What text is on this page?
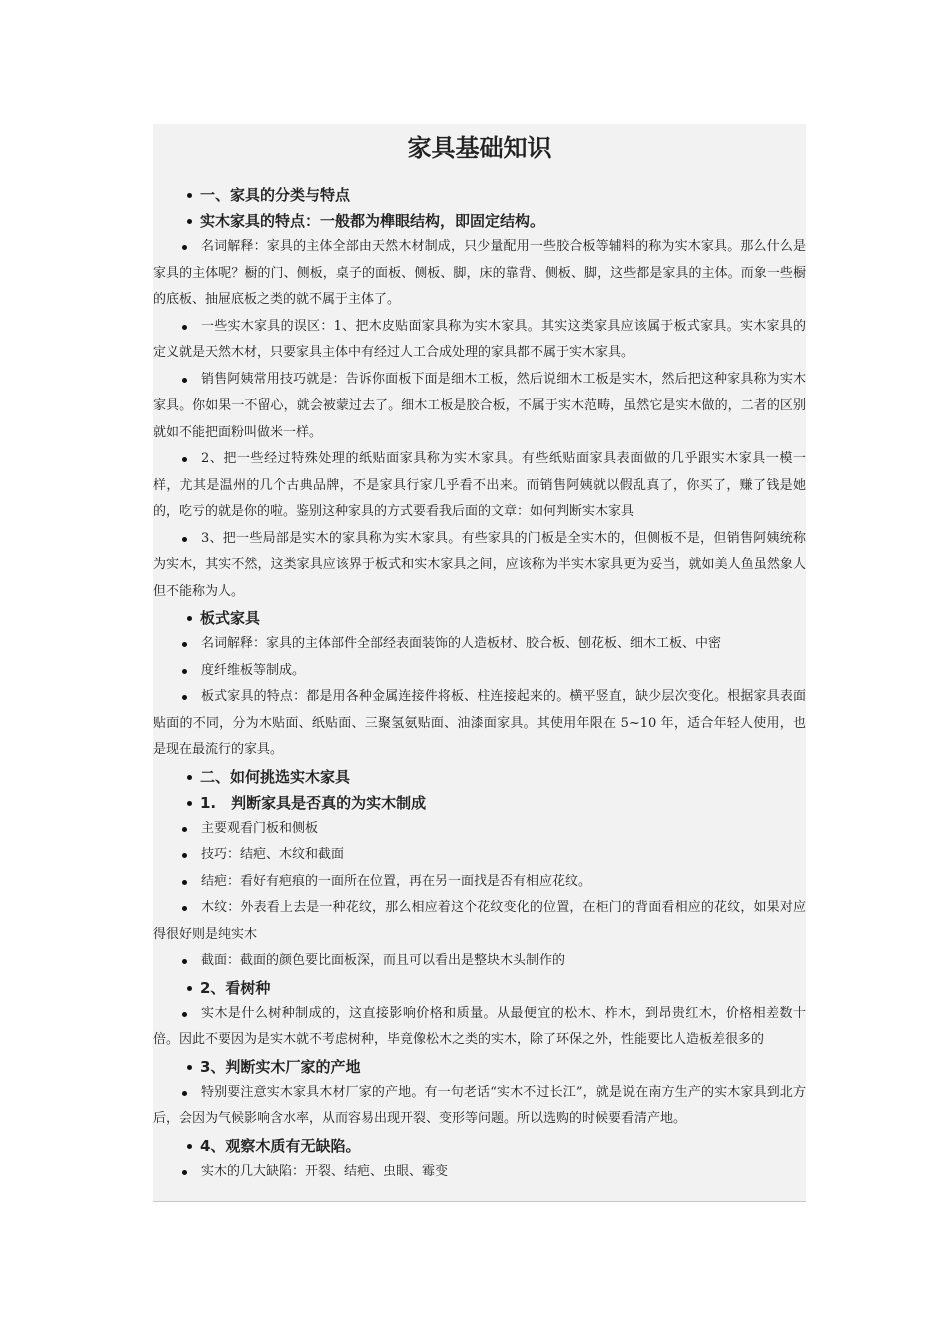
家具基础知识
一、家具的分类与特点
实木家具的特点：一般都为榫眼结构，即固定结构。
名词解释：家具的主体全部由天然木材制成，只少量配用一些胶合板等辅料的称为实木家具。那么什么是家具的主体呢？橱的门、侧板，桌子的面板、侧板、脚，床的靠背、侧板、脚，这些都是家具的主体。而象一些橱的底板、抽屉底板之类的就不属于主体了。
一些实木家具的误区：1、把木皮贴面家具称为实木家具。其实这类家具应该属于板式家具。实木家具的定义就是天然木材，只要家具主体中有经过人工合成处理的家具都不属于实木家具。
销售阿姨常用技巧就是：告诉你面板下面是细木工板，然后说细木工板是实木，然后把这种家具称为实木家具。你如果一不留心，就会被蒙过去了。细木工板是胶合板，不属于实木范畴，虽然它是实木做的，二者的区别就如不能把面粉叫做米一样。
2、把一些经过特殊处理的纸贴面家具称为实木家具。有些纸贴面家具表面做的几乎跟实木家具一模一样，尤其是温州的几个古典品牌，不是家具行家几乎看不出来。而销售阿姨就以假乱真了，你买了，赚了钱是她的，吃亏的就是你的啦。鉴别这种家具的方式要看我后面的文章：如何判断实木家具
3、把一些局部是实木的家具称为实木家具。有些家具的门板是全实木的，但侧板不是，但销售阿姨统称为实木，其实不然，这类家具应该界于板式和实木家具之间，应该称为半实木家具更为妥当，就如美人鱼虽然象人但不能称为人。
板式家具
名词解释：家具的主体部件全部经表面装饰的人造板材、胶合板、刨花板、细木工板、中密
度纤维板等制成。
板式家具的特点：都是用各种金属连接件将板、柱连接起来的。横平竖直，缺少层次变化。根据家具表面贴面的不同，分为木贴面、纸贴面、三聚氢氨贴面、油漆面家具。其使用年限在 5~10 年，适合年轻人使用，也是现在最流行的家具。
二、如何挑选实木家具
1.　判断家具是否真的为实木制成
主要观看门板和侧板
技巧：结疤、木纹和截面
结疤：看好有疤痕的一面所在位置，再在另一面找是否有相应花纹。
木纹：外表看上去是一种花纹，那么相应着这个花纹变化的位置，在柜门的背面看相应的花纹，如果对应得很好则是纯实木
截面：截面的颜色要比面板深，而且可以看出是整块木头制作的
2、看树种
实木是什么树种制成的，这直接影响价格和质量。从最便宜的松木、柞木，到昂贵红木，价格相差数十倍。因此不要因为是实木就不考虑树种，毕竟像松木之类的实木，除了环保之外，性能要比人造板差很多的
3、判断实木厂家的产地
特别要注意实木家具木材厂家的产地。有一句老话“实木不过长江”，就是说在南方生产的实木家具到北方后，会因为气候影响含水率，从而容易出现开裂、变形等问题。所以选购的时候要看清产地。
4、观察木质有无缺陷。
实木的几大缺陷：开裂、结疤、虫眼、霉变
